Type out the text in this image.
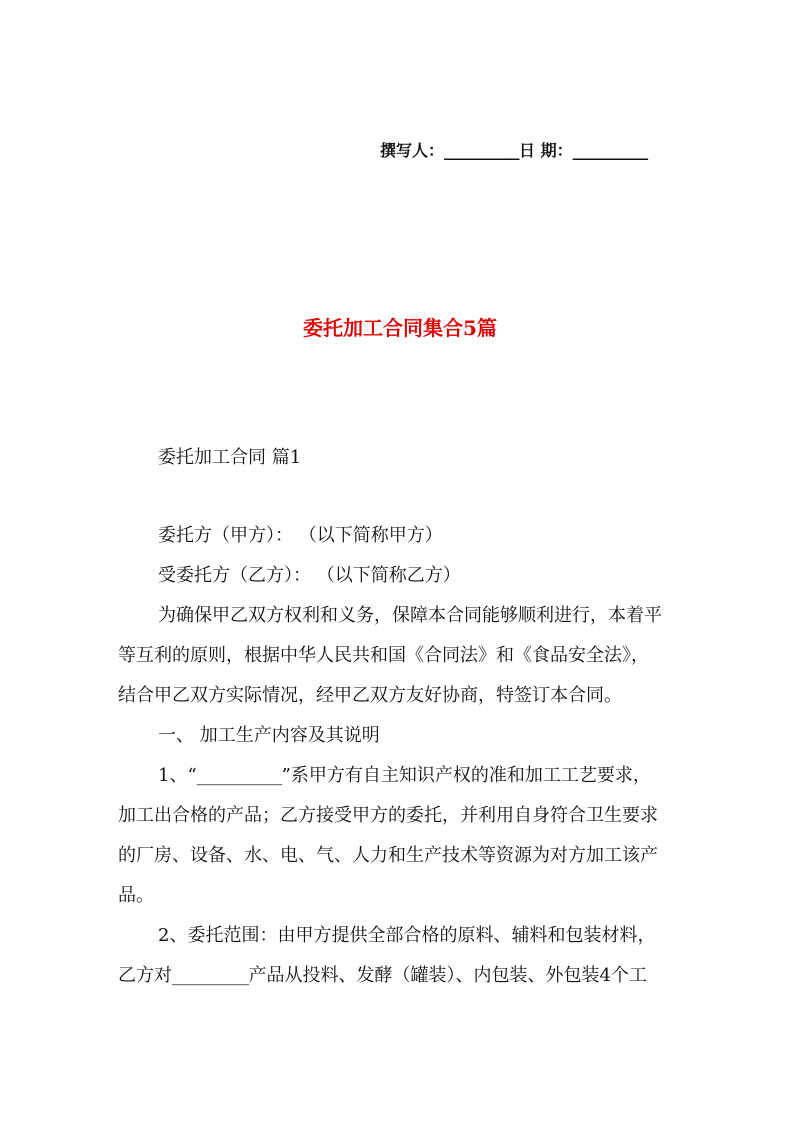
撰写人：__________日 期：__________
委托加工合同集合5篇
委托加工合同 篇1
委托方（甲方）： （以下简称甲方）
受委托方（乙方）： （以下简称乙方）
为确保甲乙双方权利和义务，保障本合同能够顺利进行，本着平
等互利的原则，根据中华人民共和国《合同法》和《食品安全法》，
结合甲乙双方实际情况，经甲乙双方友好协商，特签订本合同。
一、 加工生产内容及其说明
1、“__________”系甲方有自主知识产权的准和加工工艺要求，
加工出合格的产品；乙方接受甲方的委托，并利用自身符合卫生要求
的厂房、设备、水、电、气、人力和生产技术等资源为对方加工该产
品。
2、委托范围：由甲方提供全部合格的原料、辅料和包装材料，
乙方对_________产品从投料、发酵（罐装）、内包装、外包装4个工
